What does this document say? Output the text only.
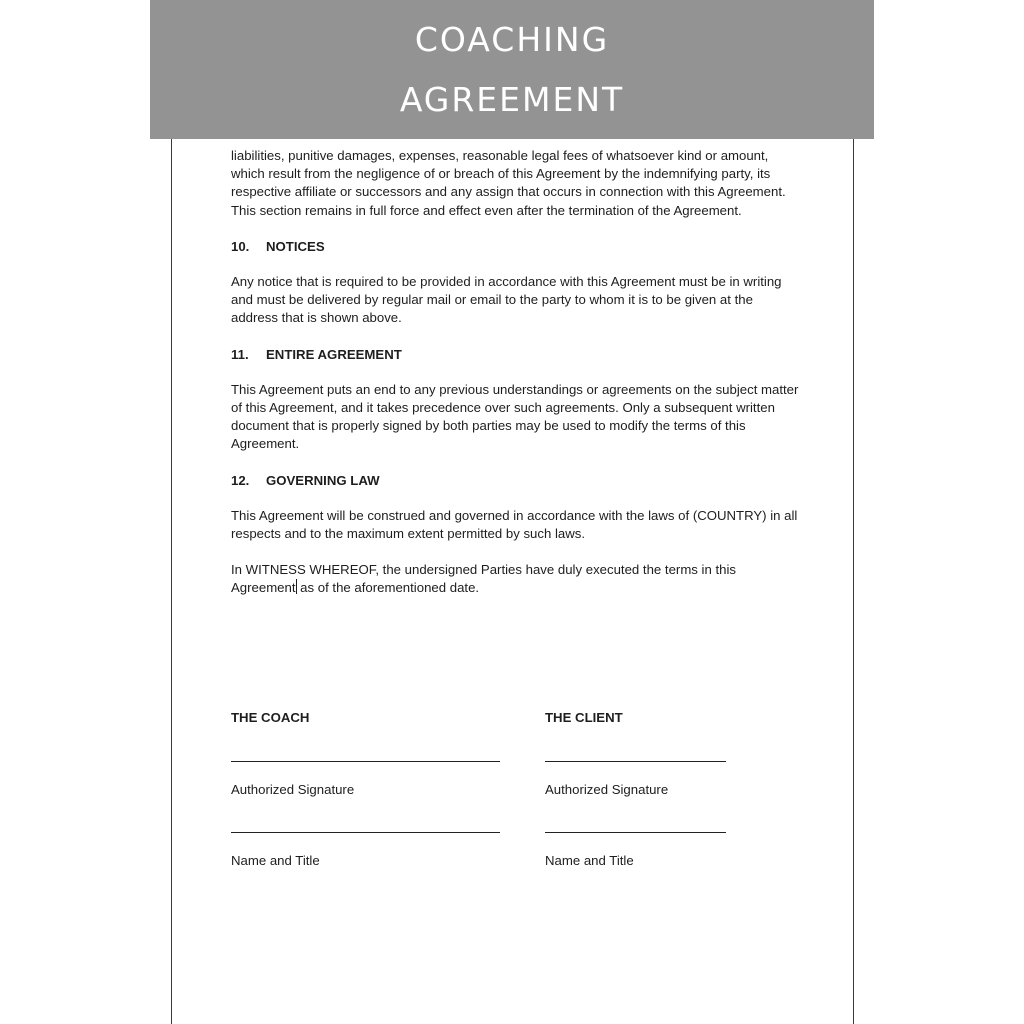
liabilities, punitive damages, expenses, reasonable legal fees of whatsoever kind or amount, which result from the negligence of or breach of this Agreement by the indemnifying party, its respective affiliate or successors and any assign that occurs in connection with this Agreement. This section remains in full force and effect even after the termination of the Agreement.

10. NOTICES

Any notice that is required to be provided in accordance with this Agreement must be in writing and must be delivered by regular mail or email to the party to whom it is to be given at the address that is shown above.

11. ENTIRE AGREEMENT

This Agreement puts an end to any previous understandings or agreements on the subject matter of this Agreement, and it takes precedence over such agreements. Only a subsequent written document that is properly signed by both parties may be used to modify the terms of this Agreement.

12. GOVERNING LAW

This Agreement will be construed and governed in accordance with the laws of (COUNTRY) in all respects and to the maximum extent permitted by such laws.

In WITNESS WHEREOF, the undersigned Parties have duly executed the terms in this Agreement as of the aforementioned date.

THE COACH
Authorized Signature
Name and Title
THE CLIENT
Authorized Signature
Name and Title
COACHING
AGREEMENT
